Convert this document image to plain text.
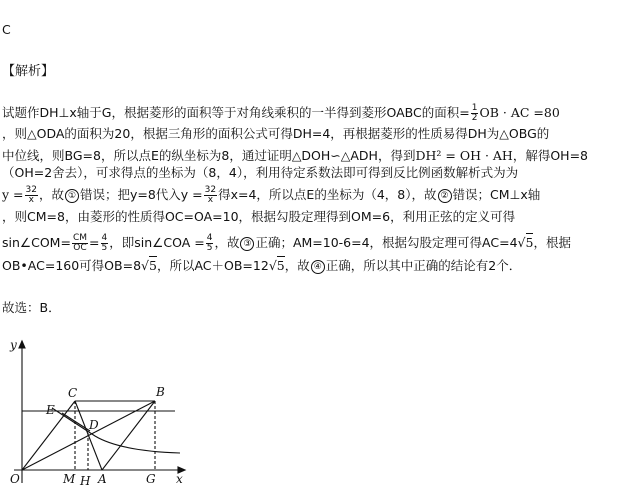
C
【解析】
试题作DH⊥x轴于G，根据菱形的面积等于对角线乘积的一半得到菱形OABC的面积= $\frac{1}{2}$ OB · AC =80
，则△ODA的面积为20，根据三角形的面积公式可得DH=4，再根据菱形的性质易得DH为△OBG的
中位线，则BG=8，所以点E的纵坐标为8，通过证明△DOH∽△ADH，得到DH² = OH · AH，解得OH=8
（OH=2舍去），可求得点的坐标为（8，4），利用待定系数法即可得到反比例函数解析式为为
$y = \frac{32}{x}$ ，故 ① 错误；把y=8代入$y = \frac{32}{x}$ 得x=4，所以点E的坐标为（4，8），故 ② 错误；CM⊥x轴
，则CM=8，由菱形的性质得OC=OA=10，根据勾股定理得到OM=6，利用正弦的定义可得
sin∠COM= $\frac{CM}{OC} = \frac{4}{5}$ ，即sin∠COA = $\frac{4}{5}$ ，故 ③ 正确；AM=10-6=4，根据勾股定理可得AC=4√5，根据
OB•AC=160可得OB=8√5，所以AC＋OB=12√5，故 ④ 正确，所以其中正确的结论有2个．
故选：B．
y
x
O
C	B
E
D
M H A	G
